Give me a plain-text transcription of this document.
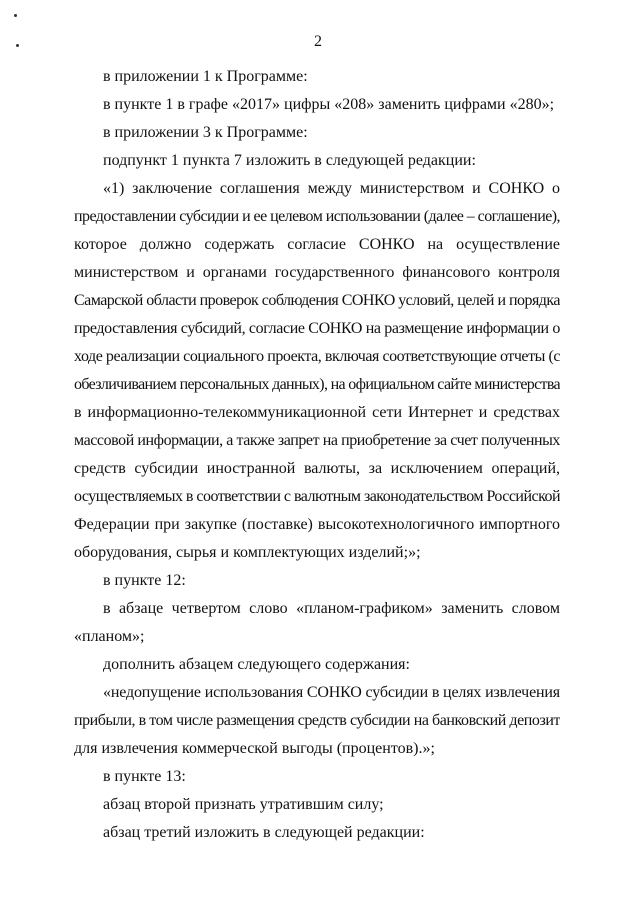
2
в приложении 1 к Программе:
в пункте 1 в графе «2017» цифры «208» заменить цифрами «280»;
в приложении 3 к Программе:
подпункт 1 пункта 7 изложить в следующей редакции:
«1) заключение соглашения между министерством и СОНКО о
предоставлении субсидии и ее целевом использовании (далее – соглашение),
которое должно содержать согласие СОНКО на осуществление
министерством и органами государственного финансового контроля
Самарской области проверок соблюдения СОНКО условий, целей и порядка
предоставления субсидий, согласие СОНКО на размещение информации о
ходе реализации социального проекта, включая соответствующие отчеты (с
обезличиванием персональных данных), на официальном сайте министерства
в информационно-телекоммуникационной сети Интернет и средствах
массовой информации, а также запрет на приобретение за счет полученных
средств субсидии иностранной валюты, за исключением операций,
осуществляемых в соответствии с валютным законодательством Российской
Федерации при закупке (поставке) высокотехнологичного импортного
оборудования, сырья и комплектующих изделий;»;
в пункте 12:
в абзаце четвертом слово «планом-графиком» заменить словом
«планом»;
дополнить абзацем следующего содержания:
«недопущение использования СОНКО субсидии в целях извлечения
прибыли, в том числе размещения средств субсидии на банковский депозит
для извлечения коммерческой выгоды (процентов).»;
в пункте 13:
абзац второй признать утратившим силу;
абзац третий изложить в следующей редакции:
